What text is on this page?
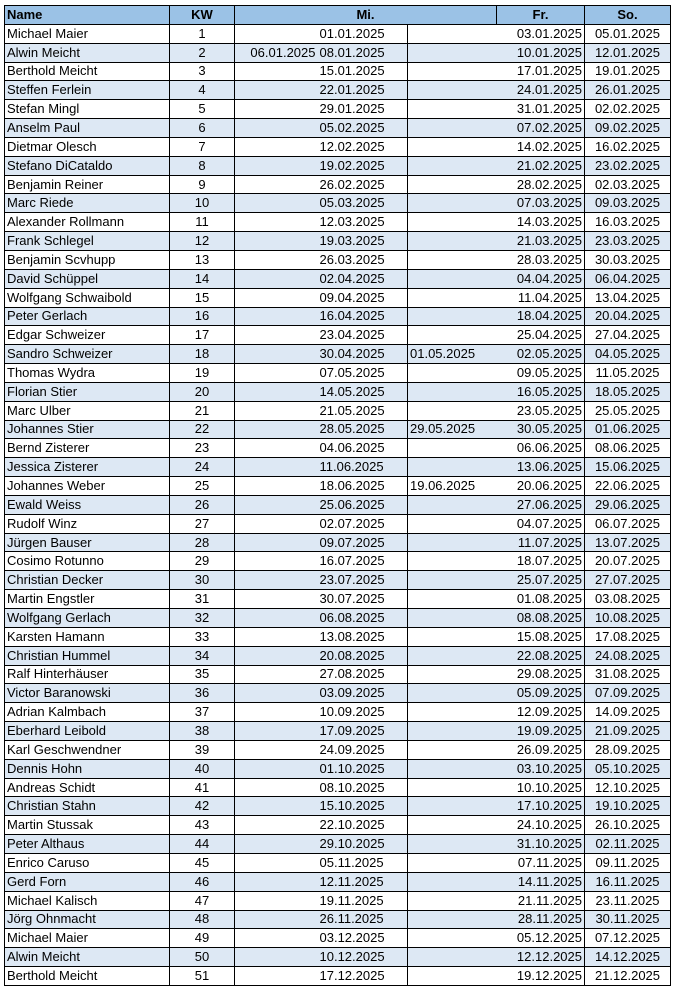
Name	KW	Mi.			Fr.	So.
Michael Maier	1		01.01.2025		03.01.2025	05.01.2025
Alwin Meicht	2	06.01.2025	08.01.2025		10.01.2025	12.01.2025
Berthold Meicht	3		15.01.2025		17.01.2025	19.01.2025
Steffen Ferlein	4		22.01.2025		24.01.2025	26.01.2025
Stefan Mingl	5		29.01.2025		31.01.2025	02.02.2025
Anselm Paul	6		05.02.2025		07.02.2025	09.02.2025
Dietmar Olesch	7		12.02.2025		14.02.2025	16.02.2025
Stefano DiCataldo	8		19.02.2025		21.02.2025	23.02.2025
Benjamin Reiner	9		26.02.2025		28.02.2025	02.03.2025
Marc Riede	10		05.03.2025		07.03.2025	09.03.2025
Alexander Rollmann	11		12.03.2025		14.03.2025	16.03.2025
Frank Schlegel	12		19.03.2025		21.03.2025	23.03.2025
Benjamin Scvhupp	13		26.03.2025		28.03.2025	30.03.2025
David Schüppel	14		02.04.2025		04.04.2025	06.04.2025
Wolfgang Schwaibold	15		09.04.2025		11.04.2025	13.04.2025
Peter Gerlach	16		16.04.2025		18.04.2025	20.04.2025
Edgar Schweizer	17		23.04.2025		25.04.2025	27.04.2025
Sandro Schweizer	18		30.04.2025	01.05.2025	02.05.2025	04.05.2025
Thomas Wydra	19		07.05.2025		09.05.2025	11.05.2025
Florian Stier	20		14.05.2025		16.05.2025	18.05.2025
Marc Ulber	21		21.05.2025		23.05.2025	25.05.2025
Johannes Stier	22		28.05.2025	29.05.2025	30.05.2025	01.06.2025
Bernd Zisterer	23		04.06.2025		06.06.2025	08.06.2025
Jessica Zisterer	24		11.06.2025		13.06.2025	15.06.2025
Johannes Weber	25		18.06.2025	19.06.2025	20.06.2025	22.06.2025
Ewald Weiss	26		25.06.2025		27.06.2025	29.06.2025
Rudolf Winz	27		02.07.2025		04.07.2025	06.07.2025
Jürgen Bauser	28		09.07.2025		11.07.2025	13.07.2025
Cosimo Rotunno	29		16.07.2025		18.07.2025	20.07.2025
Christian Decker	30		23.07.2025		25.07.2025	27.07.2025
Martin Engstler	31		30.07.2025		01.08.2025	03.08.2025
Wolfgang Gerlach	32		06.08.2025		08.08.2025	10.08.2025
Karsten Hamann	33		13.08.2025		15.08.2025	17.08.2025
Christian Hummel	34		20.08.2025		22.08.2025	24.08.2025
Ralf Hinterhäuser	35		27.08.2025		29.08.2025	31.08.2025
Victor Baranowski	36		03.09.2025		05.09.2025	07.09.2025
Adrian Kalmbach	37		10.09.2025		12.09.2025	14.09.2025
Eberhard Leibold	38		17.09.2025		19.09.2025	21.09.2025
Karl Geschwendner	39		24.09.2025		26.09.2025	28.09.2025
Dennis Hohn	40		01.10.2025		03.10.2025	05.10.2025
Andreas Schidt	41		08.10.2025		10.10.2025	12.10.2025
Christian Stahn	42		15.10.2025		17.10.2025	19.10.2025
Martin Stussak	43		22.10.2025		24.10.2025	26.10.2025
Peter Althaus	44		29.10.2025		31.10.2025	02.11.2025
Enrico Caruso	45		05.11.2025		07.11.2025	09.11.2025
Gerd Forn	46		12.11.2025		14.11.2025	16.11.2025
Michael Kalisch	47		19.11.2025		21.11.2025	23.11.2025
Jörg Ohnmacht	48		26.11.2025		28.11.2025	30.11.2025
Michael Maier	49		03.12.2025		05.12.2025	07.12.2025
Alwin Meicht	50		10.12.2025		12.12.2025	14.12.2025
Berthold Meicht	51		17.12.2025		19.12.2025	21.12.2025
